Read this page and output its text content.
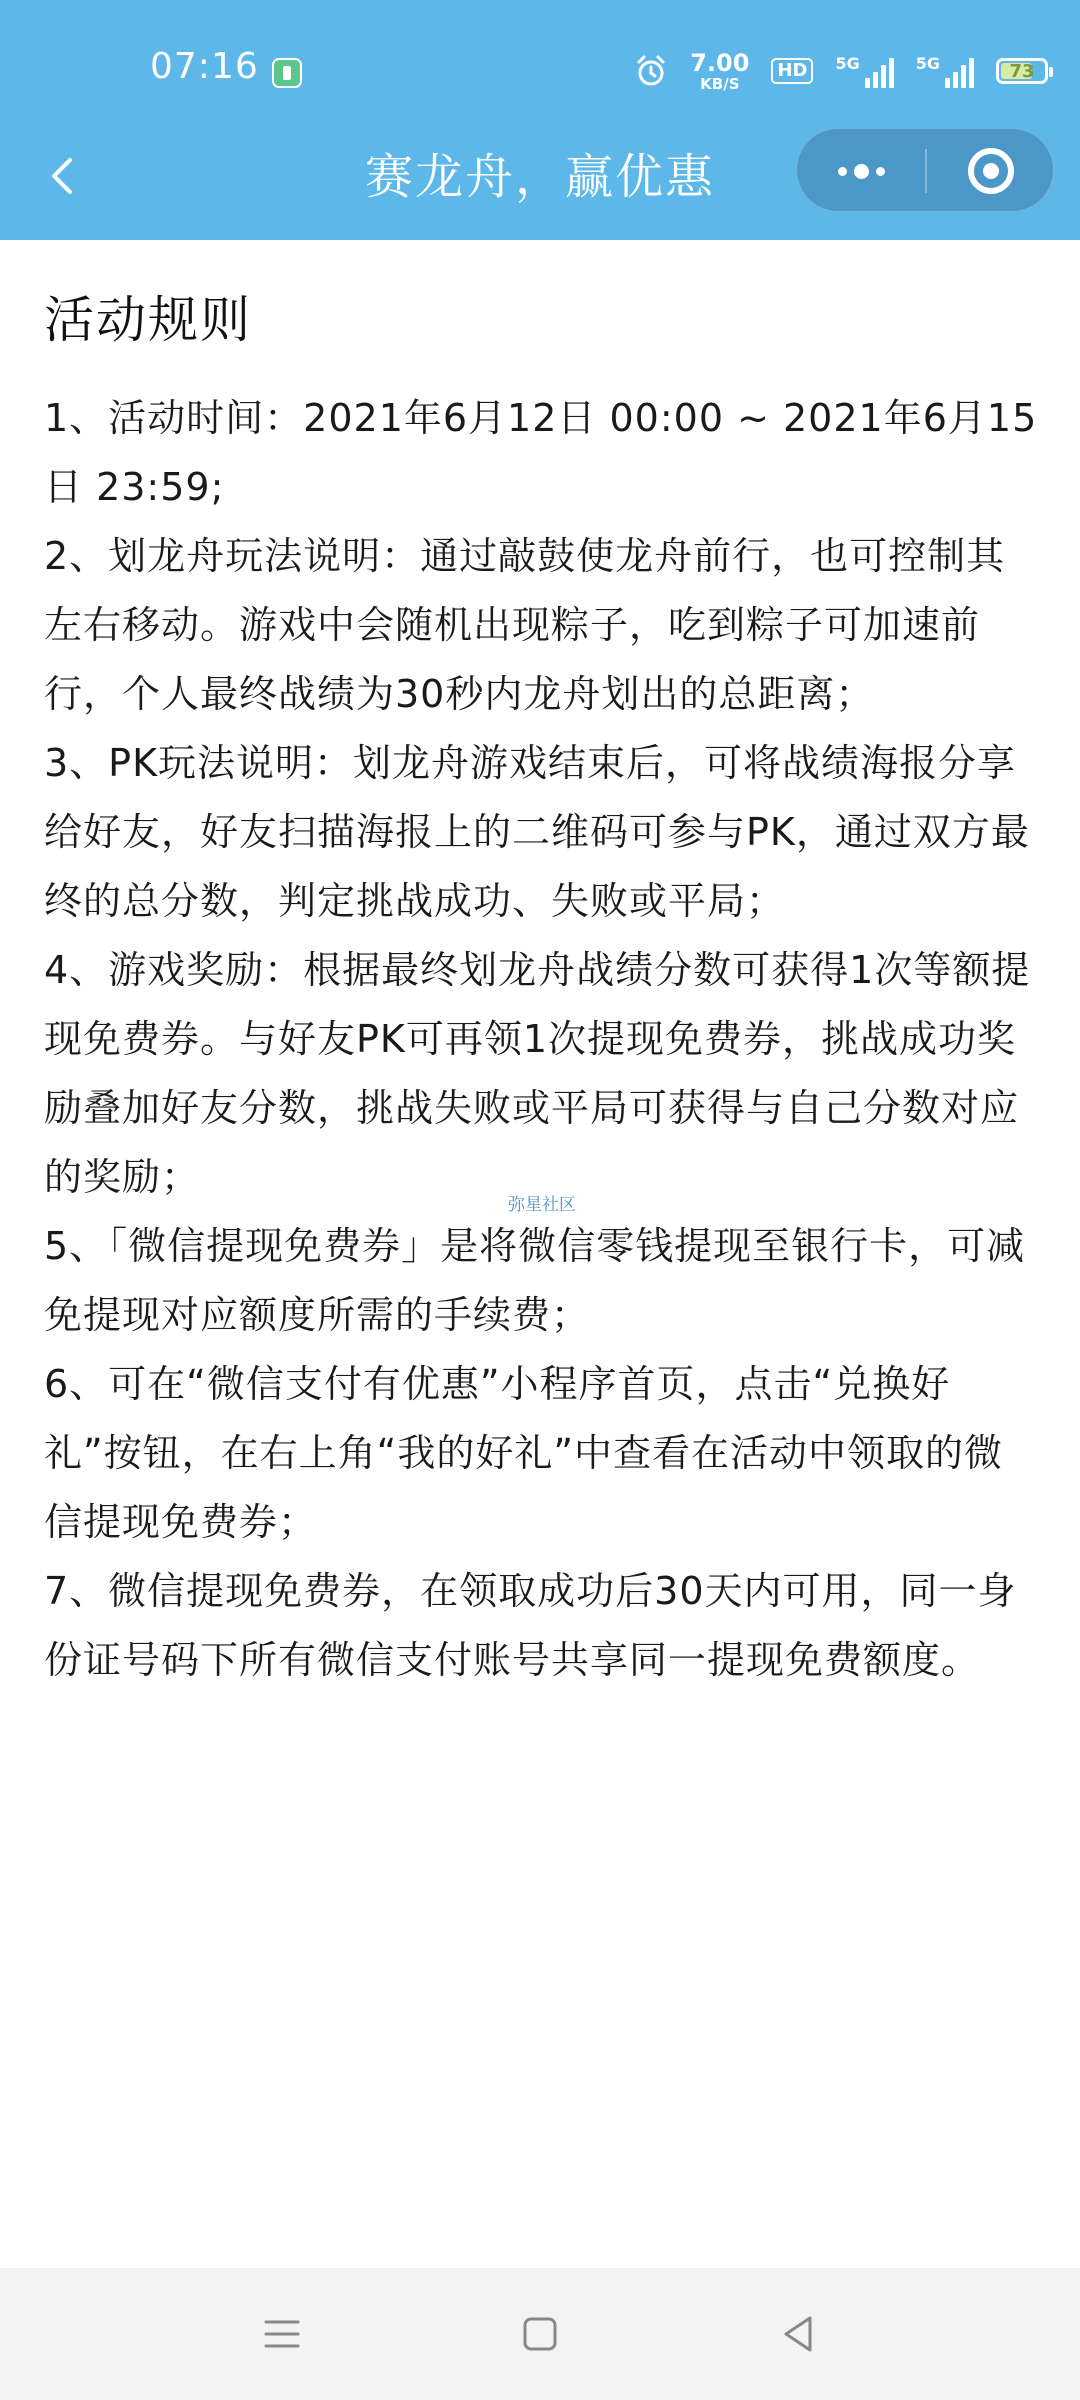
07:16	7.00
KB/S
HD	5G	5G	73
赛龙舟，赢优惠
活动规则

1、活动时间：2021年6月12日 00:00 ~ 2021年6月15日 23:59;

2、划龙舟玩法说明：通过敲鼓使龙舟前行，也可控制其左右移动。游戏中会随机出现粽子，吃到粽子可加速前行，个人最终战绩为30秒内龙舟划出的总距离；

3、PK玩法说明：划龙舟游戏结束后，可将战绩海报分享给好友，好友扫描海报上的二维码可参与PK，通过双方最终的总分数，判定挑战成功、失败或平局；

4、游戏奖励：根据最终划龙舟战绩分数可获得1次等额提现免费券。与好友PK可再领1次提现免费券，挑战成功奖励叠加好友分数，挑战失败或平局可获得与自己分数对应的奖励；

5、「微信提现免费券」是将微信零钱提现至银行卡，可减免提现对应额度所需的手续费；

6、可在“微信支付有优惠”小程序首页，点击“兑换好礼”按钮，在右上角“我的好礼”中查看在活动中领取的微信提现免费券；

7、微信提现免费券，在领取成功后30天内可用，同一身份证号码下所有微信支付账号共享同一提现免费额度。

弥星社区
